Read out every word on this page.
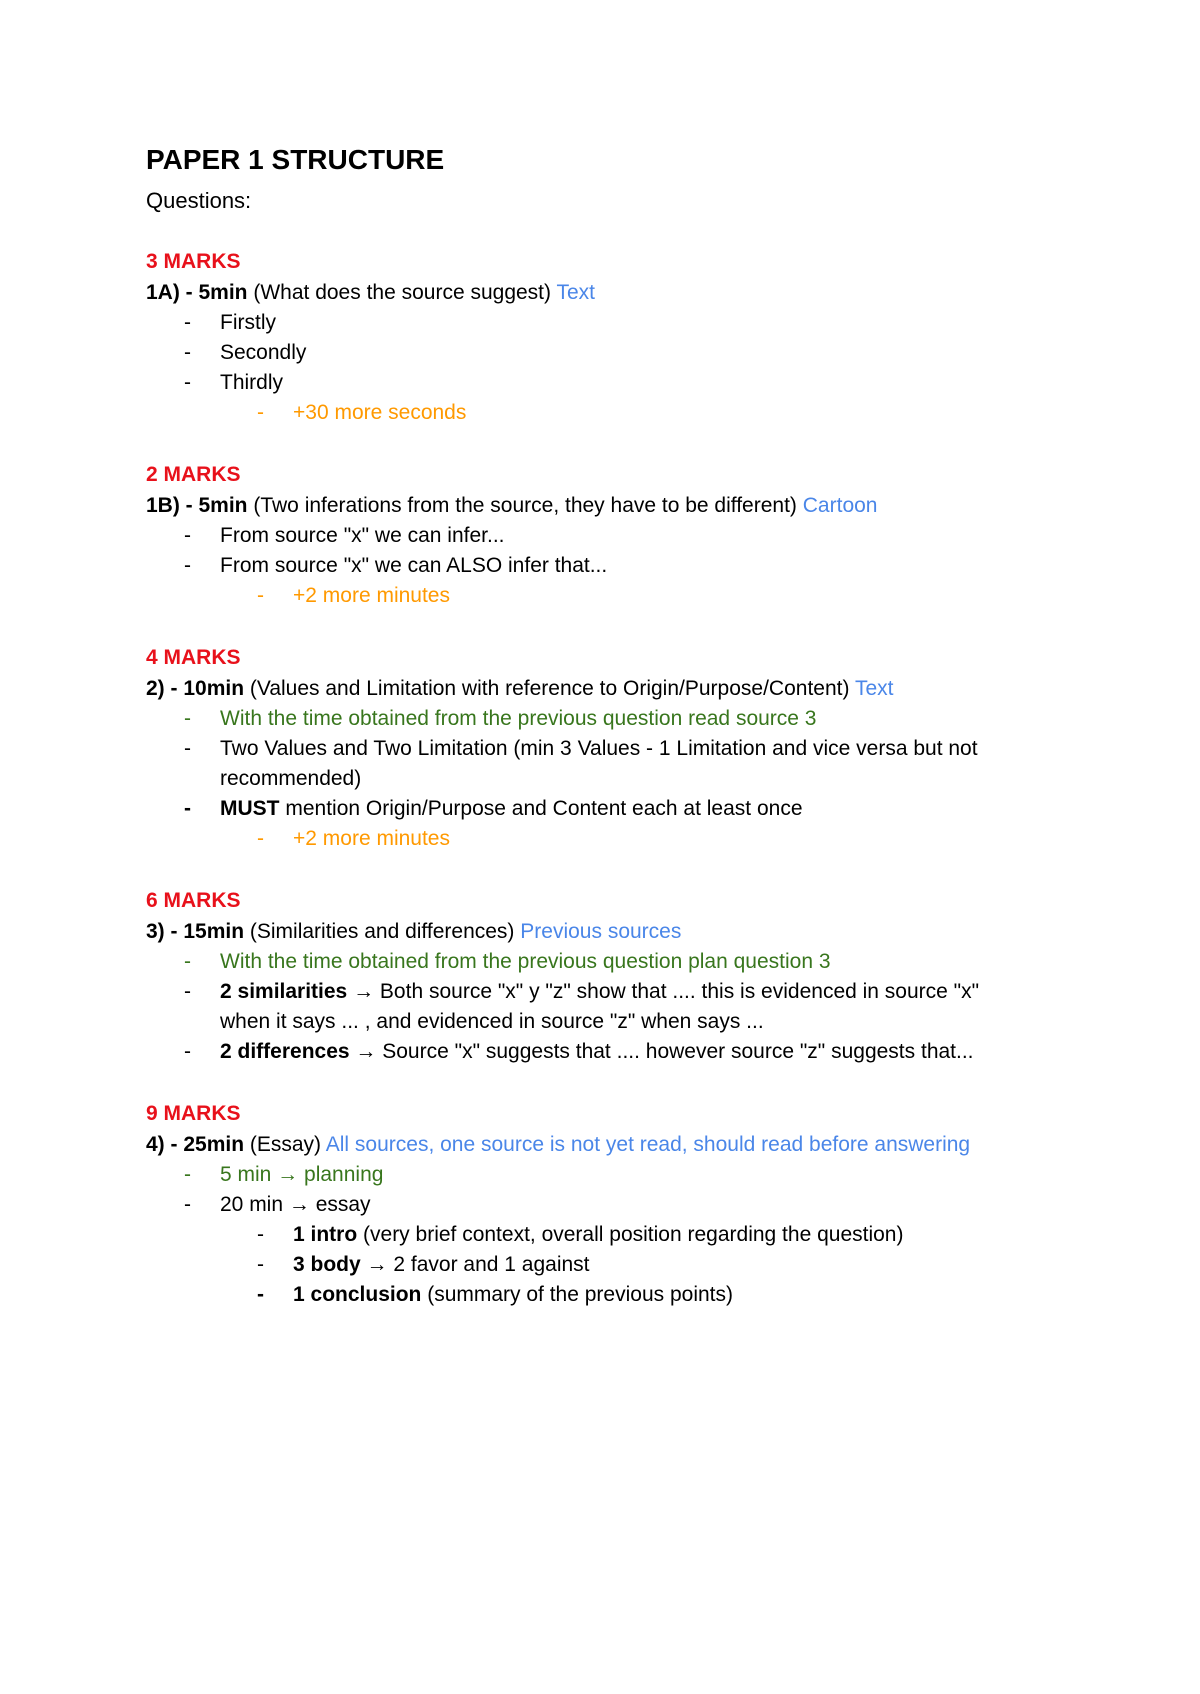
PAPER 1 STRUCTURE
Questions:
3 MARKS
1A) - 5min (What does the source suggest) Text
- Firstly
- Secondly
- Thirdly
- +30 more seconds
2 MARKS
1B) - 5min (Two inferations from the source, they have to be different) Cartoon
- From source "x" we can infer...
- From source "x" we can ALSO infer that...
- +2 more minutes
4 MARKS
2) - 10min (Values and Limitation with reference to Origin/Purpose/Content) Text
- With the time obtained from the previous question read source 3
- Two Values and Two Limitation (min 3 Values - 1 Limitation and vice versa but not
recommended)
- MUST mention Origin/Purpose and Content each at least once
- +2 more minutes
6 MARKS
3) - 15min (Similarities and differences) Previous sources
- With the time obtained from the previous question plan question 3
- 2 similarities → Both source "x" y "z" show that .... this is evidenced in source "x"
when it says ... , and evidenced in source "z" when says ...
- 2 differences → Source "x" suggests that .... however source "z" suggests that...
9 MARKS
4) - 25min (Essay) All sources, one source is not yet read, should read before answering
- 5 min → planning
- 20 min → essay
- 1 intro (very brief context, overall position regarding the question)
- 3 body → 2 favor and 1 against
- 1 conclusion (summary of the previous points)
